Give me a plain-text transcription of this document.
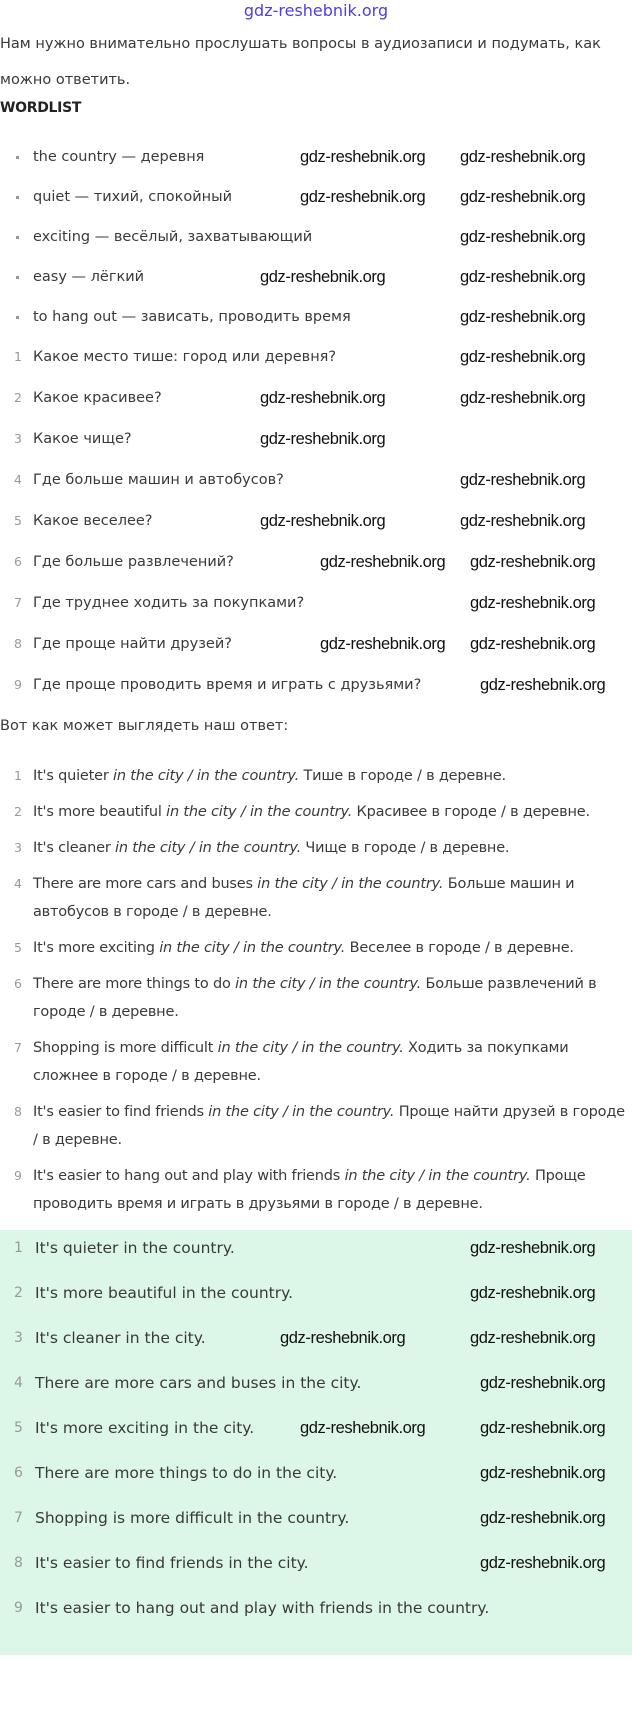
gdz-reshebnik.org
Нам нужно внимательно прослушать вопросы в аудиозаписи и подумать, как можно ответить.
WORDLIST
the country — деревня	gdz-reshebnik.org gdz-reshebnik.org
quiet — тихий, спокойный	gdz-reshebnik.org gdz-reshebnik.org
exciting — весёлый, захватывающий	gdz-reshebnik.org
easy — лёгкий	gdz-reshebnik.org	gdz-reshebnik.org
to hang out — зависать, проводить время	gdz-reshebnik.org
1 Какое место тише: город или деревня?	gdz-reshebnik.org
2 Какое красивее?	gdz-reshebnik.org	gdz-reshebnik.org
3 Какое чище?	gdz-reshebnik.org
4 Где больше машин и автобусов?	gdz-reshebnik.org
5 Какое веселее?	gdz-reshebnik.org	gdz-reshebnik.org
6 Где больше развлечений?	gdz-reshebnik.org gdz-reshebnik.org
7 Где труднее ходить за покупками?	gdz-reshebnik.org
8 Где проще найти друзей?	gdz-reshebnik.org gdz-reshebnik.org
9 Где проще проводить время и играть с друзьями?	gdz-reshebnik.org
Вот как может выглядеть наш ответ:
1 It's quieter in the city / in the country. Тише в городе / в деревне.
2 It's more beautiful in the city / in the country. Красивее в городе / в деревне.
3 It's cleaner in the city / in the country. Чище в городе / в деревне.
4 There are more cars and buses in the city / in the country. Больше машин и автобусов в городе / в деревне.
5 It's more exciting in the city / in the country. Веселее в городе / в деревне.
6 There are more things to do in the city / in the country. Больше развлечений в городе / в деревне.
7 Shopping is more difficult in the city / in the country. Ходить за покупками сложнее в городе / в деревне.
8 It's easier to find friends in the city / in the country. Проще найти друзей в городе / в деревне.
9 It's easier to hang out and play with friends in the city / in the country. Проще проводить время и играть в друзьями в городе / в деревне.
1 It's quieter in the country.	gdz-reshebnik.org
2 It's more beautiful in the country.	gdz-reshebnik.org
3 It's cleaner in the city.	gdz-reshebnik.org	gdz-reshebnik.org
4 There are more cars and buses in the city.	gdz-reshebnik.org
5 It's more exciting in the city.	gdz-reshebnik.org	gdz-reshebnik.org
6 There are more things to do in the city.	gdz-reshebnik.org
7 Shopping is more difficult in the country.	gdz-reshebnik.org
8 It's easier to find friends in the city.	gdz-reshebnik.org
9 It's easier to hang out and play with friends in the country.
